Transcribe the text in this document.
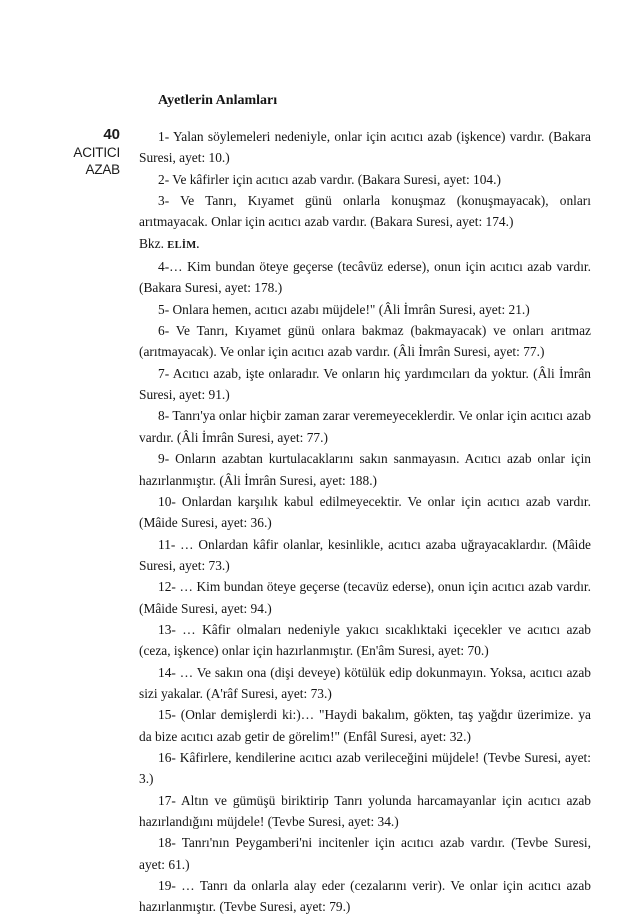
40
ACITICI
AZAB
Ayetlerin Anlamları

1- Yalan söylemeleri nedeniyle, onlar için acıtıcı azab (işkence) vardır. (Bakara Suresi, ayet: 10.)

2- Ve kâfirler için acıtıcı azab vardır. (Bakara Suresi, ayet: 104.)

3- Ve Tanrı, Kıyamet günü onlarla konuşmaz (konuşmayacak), onları arıtmayacak. Onlar için acıtıcı azab vardır. (Bakara Suresi, ayet: 174.)

Bkz. ELİM.

4-… Kim bundan öteye geçerse (tecâvüz ederse), onun için acıtıcı azab vardır. (Bakara Suresi, ayet: 178.)

5- Onlara hemen, acıtıcı azabı müjdele!" (Âli İmrân Suresi, ayet: 21.)

6- Ve Tanrı, Kıyamet günü onlara bakmaz (bakmayacak) ve onları arıtmaz (arıtmayacak). Ve onlar için acıtıcı azab vardır. (Âli İmrân Suresi, ayet: 77.)

7- Acıtıcı azab, işte onlaradır. Ve onların hiç yardımcıları da yoktur. (Âli İmrân Suresi, ayet: 91.)

8- Tanrı'ya onlar hiçbir zaman zarar veremeyeceklerdir. Ve onlar için acıtıcı azab vardır. (Âli İmrân Suresi, ayet: 77.)

9- Onların azabtan kurtulacaklarını sakın sanmayasın. Acıtıcı azab onlar için hazırlanmıştır. (Âli İmrân Suresi, ayet: 188.)

10- Onlardan karşılık kabul edilmeyecektir. Ve onlar için acıtıcı azab vardır. (Mâide Suresi, ayet: 36.)

11- … Onlardan kâfir olanlar, kesinlikle, acıtıcı azaba uğrayacaklardır. (Mâide Suresi, ayet: 73.)

12- … Kim bundan öteye geçerse (tecavüz ederse), onun için acıtıcı azab vardır. (Mâide Suresi, ayet: 94.)

13- … Kâfir olmaları nedeniyle yakıcı sıcaklıktaki içecekler ve acıtıcı azab (ceza, işkence) onlar için hazırlanmıştır. (En'âm Suresi, ayet: 70.)

14- … Ve sakın ona (dişi deveye) kötülük edip dokunmayın. Yoksa, acıtıcı azab sizi yakalar. (A'râf Suresi, ayet: 73.)

15- (Onlar demişlerdi ki:)… "Haydi bakalım, gökten, taş yağdır üzerimize. ya da bize acıtıcı azab getir de görelim!" (Enfâl Suresi, ayet: 32.)

16- Kâfirlere, kendilerine acıtıcı azab verileceğini müjdele! (Tevbe Suresi, ayet: 3.)

17- Altın ve gümüşü biriktirip Tanrı yolunda harcamayanlar için acıtıcı azab hazırlandığını müjdele! (Tevbe Suresi, ayet: 34.)

18- Tanrı'nın Peygamberi'ni incitenler için acıtıcı azab vardır. (Tevbe Suresi, ayet: 61.)

19- … Tanrı da onlarla alay eder (cezalarını verir). Ve onlar için acıtıcı azab hazırlanmıştır. (Tevbe Suresi, ayet: 79.)
